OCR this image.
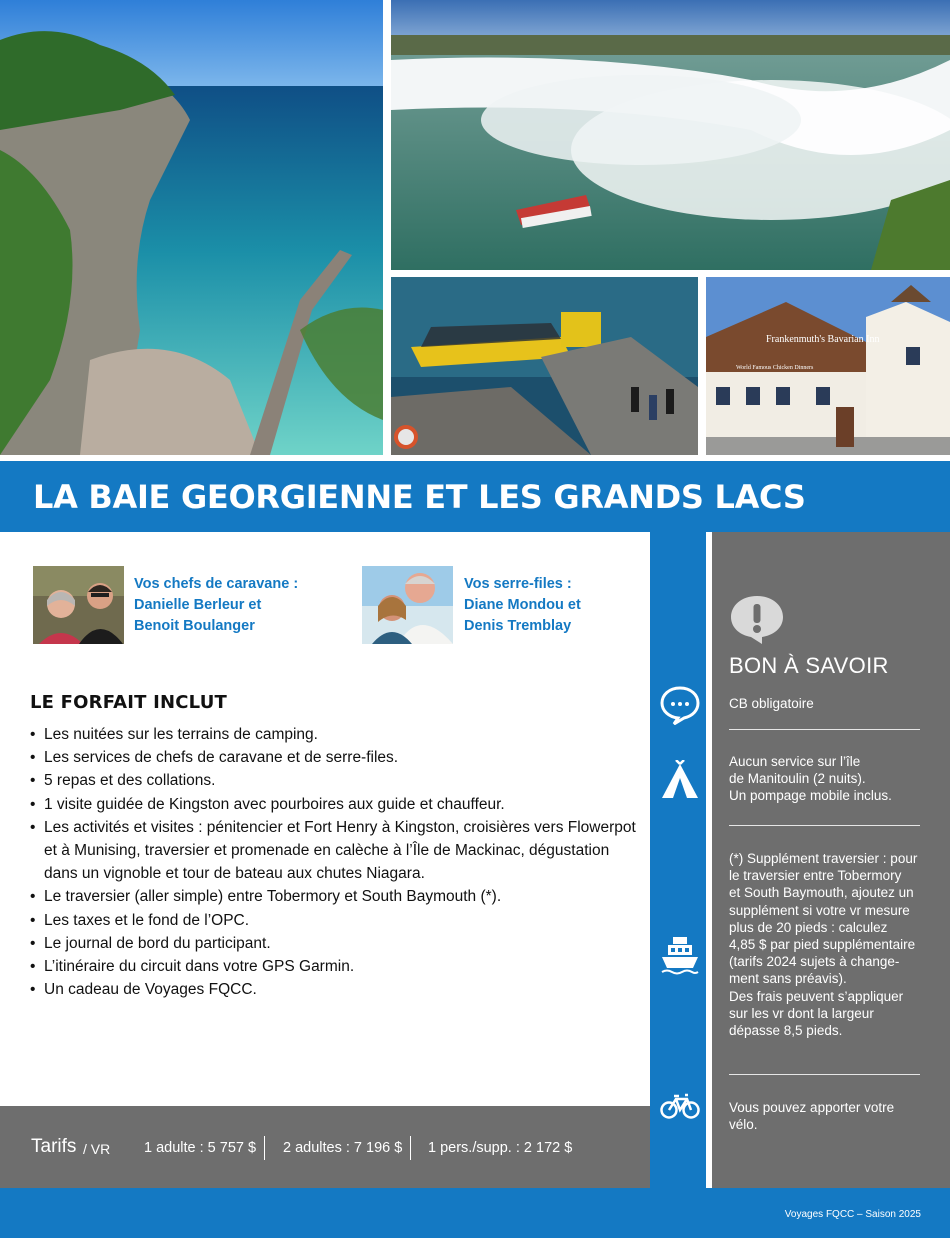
Frankenmuth's Bavarian Inn
World Famous Chicken Dinners
LA BAIE GEORGIENNE ET LES GRANDS LACS
BON À SAVOIR
CB obligatoire
Aucun service sur l’île
de Manitoulin (2 nuits).
Un pompage mobile inclus.
(*) Supplément traversier : pour
le traversier entre Tobermory
et South Baymouth, ajoutez un
supplément si votre vr mesure
plus de 20 pieds : calculez
4,85 $ par pied supplémentaire
(tarifs 2024 sujets à change-
ment sans préavis).
Des frais peuvent s’appliquer
sur les vr dont la largeur
dépasse 8,5 pieds.
Vous pouvez apporter votre vélo.
Vos chefs de caravane :
Danielle Berleur et
Benoit Boulanger
Vos serre-files :
Diane Mondou et
Denis Tremblay
LE FORFAIT INCLUT
• Les nuitées sur les terrains de camping.
• Les services de chefs de caravane et de serre-files.
• 5 repas et des collations.
• 1 visite guidée de Kingston avec pourboires aux guide et chauffeur.
• Les activités et visites : pénitencier et Fort Henry à Kingston, croisières vers Flowerpot et à Munising, traversier et promenade en calèche à l’Île de Mackinac, dégustation dans un vignoble et tour de bateau aux chutes Niagara.
• Le traversier (aller simple) entre Tobermory et South Baymouth (*).
• Les taxes et le fond de l’OPC.
• Le journal de bord du participant.
• L’itinéraire du circuit dans votre GPS Garmin.
• Un cadeau de Voyages FQCC.
Tarifs / VR 1 adulte : 5 757 $ 2 adultes : 7 196 $ 1 pers./supp. : 2 172 $
Voyages FQCC – Saison 2025
